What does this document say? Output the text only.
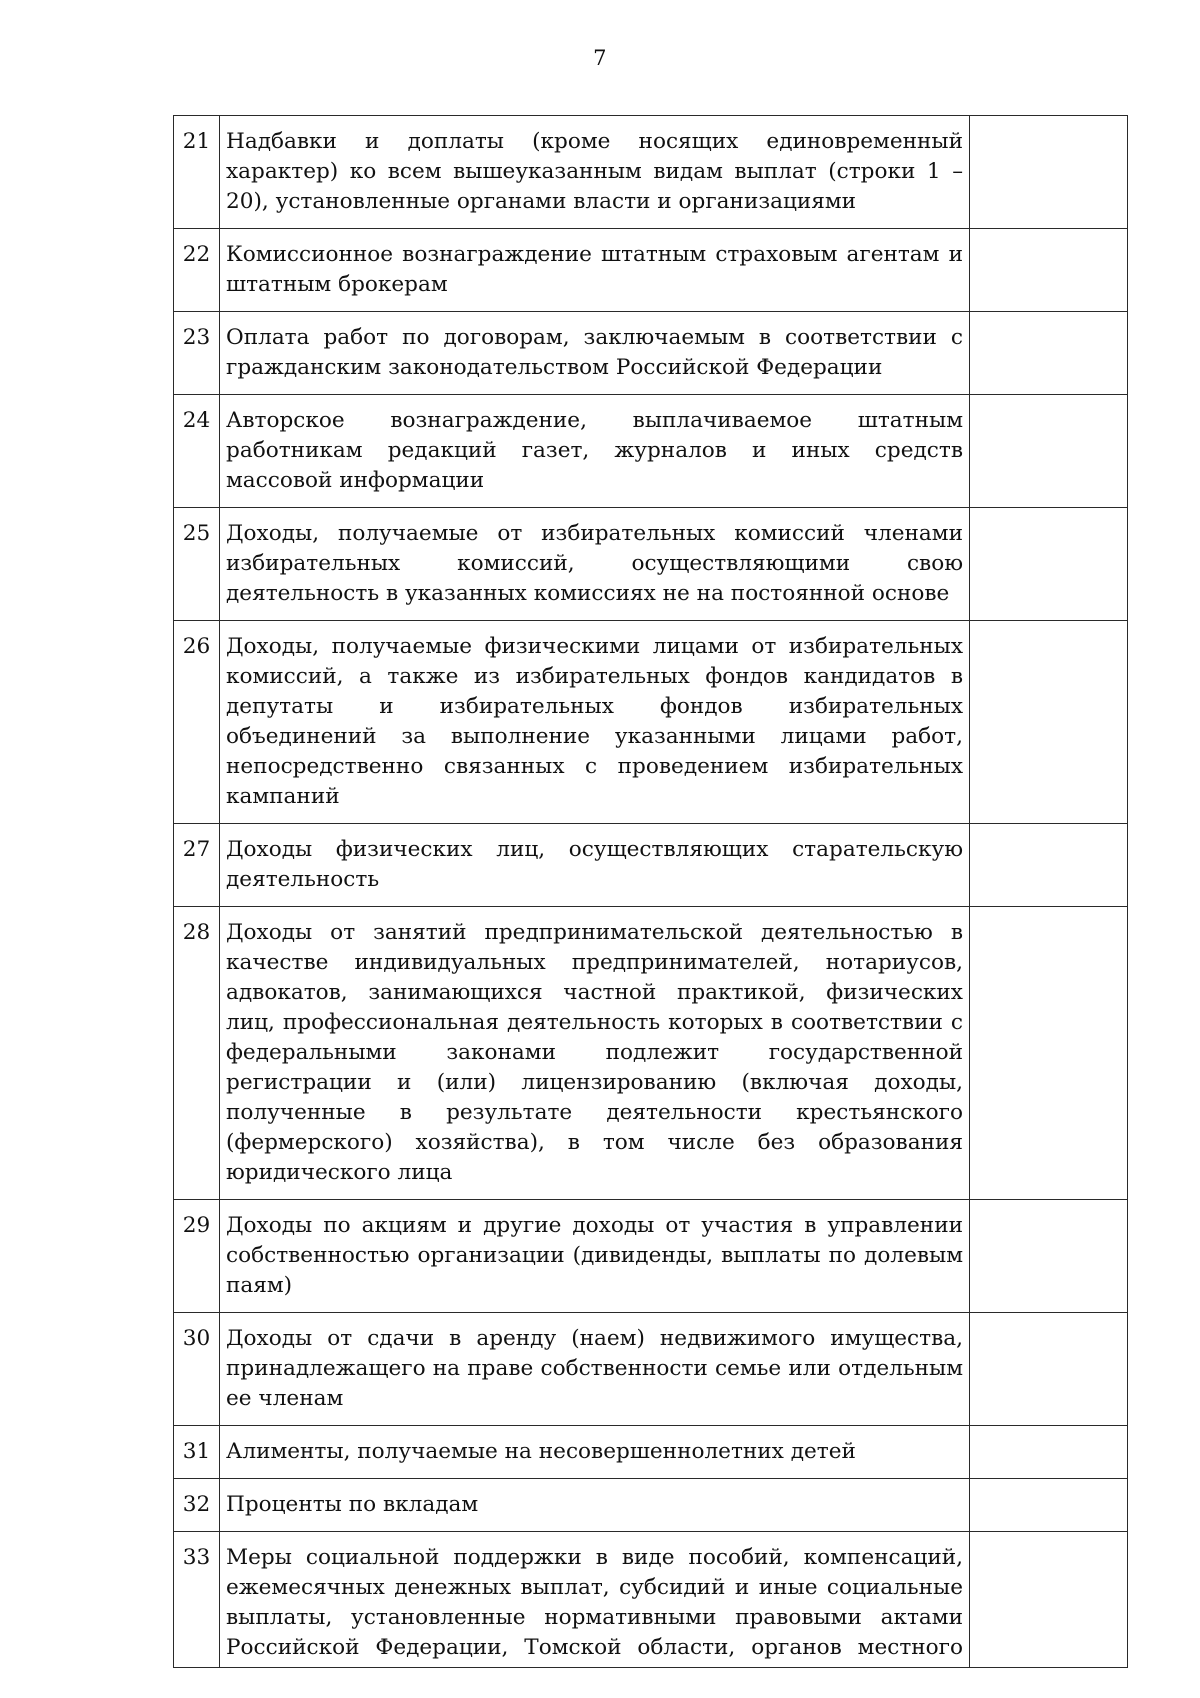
7
21	Надбавки и доплаты (кроме носящих единовременный характер) ко всем вышеуказанным видам выплат (строки 1 – 20), установленные органами власти и организациями	
22	Комиссионное вознаграждение штатным страховым агентам и штатным брокерам	
23	Оплата работ по договорам, заключаемым в соответствии с гражданским законодательством Российской Федерации	
24	Авторское вознаграждение, выплачиваемое штатным работникам редакций газет, журналов и иных средств массовой информации	
25	Доходы, получаемые от избирательных комиссий членами избирательных комиссий, осуществляющими свою деятельность в указанных комиссиях не на постоянной основе	
26	Доходы, получаемые физическими лицами от избирательных комиссий, а также из избирательных фондов кандидатов в депутаты и избирательных фондов избирательных объединений за выполнение указанными лицами работ, непосредственно связанных с проведением избирательных кампаний	
27	Доходы физических лиц, осуществляющих старательскую деятельность	
28	Доходы от занятий предпринимательской деятельностью в качестве индивидуальных предпринимателей, нотариусов, адвокатов, занимающихся частной практикой, физических лиц, профессиональная деятельность которых в соответствии с федеральными законами подлежит государственной регистрации и (или) лицензированию (включая доходы, полученные в результате деятельности крестьянского (фермерского) хозяйства), в том числе без образования юридического лица	
29	Доходы по акциям и другие доходы от участия в управлении собственностью организации (дивиденды, выплаты по долевым паям)	
30	Доходы от сдачи в аренду (наем) недвижимого имущества, принадлежащего на праве собственности семье или отдельным ее членам	
31	Алименты, получаемые на несовершеннолетних детей	
32	Проценты по вкладам	
33	Меры социальной поддержки в виде пособий, компенсаций, ежемесячных денежных выплат, субсидий и иные социальные выплаты, установленные нормативными правовыми актами Российской Федерации, Томской области, органов местного	
